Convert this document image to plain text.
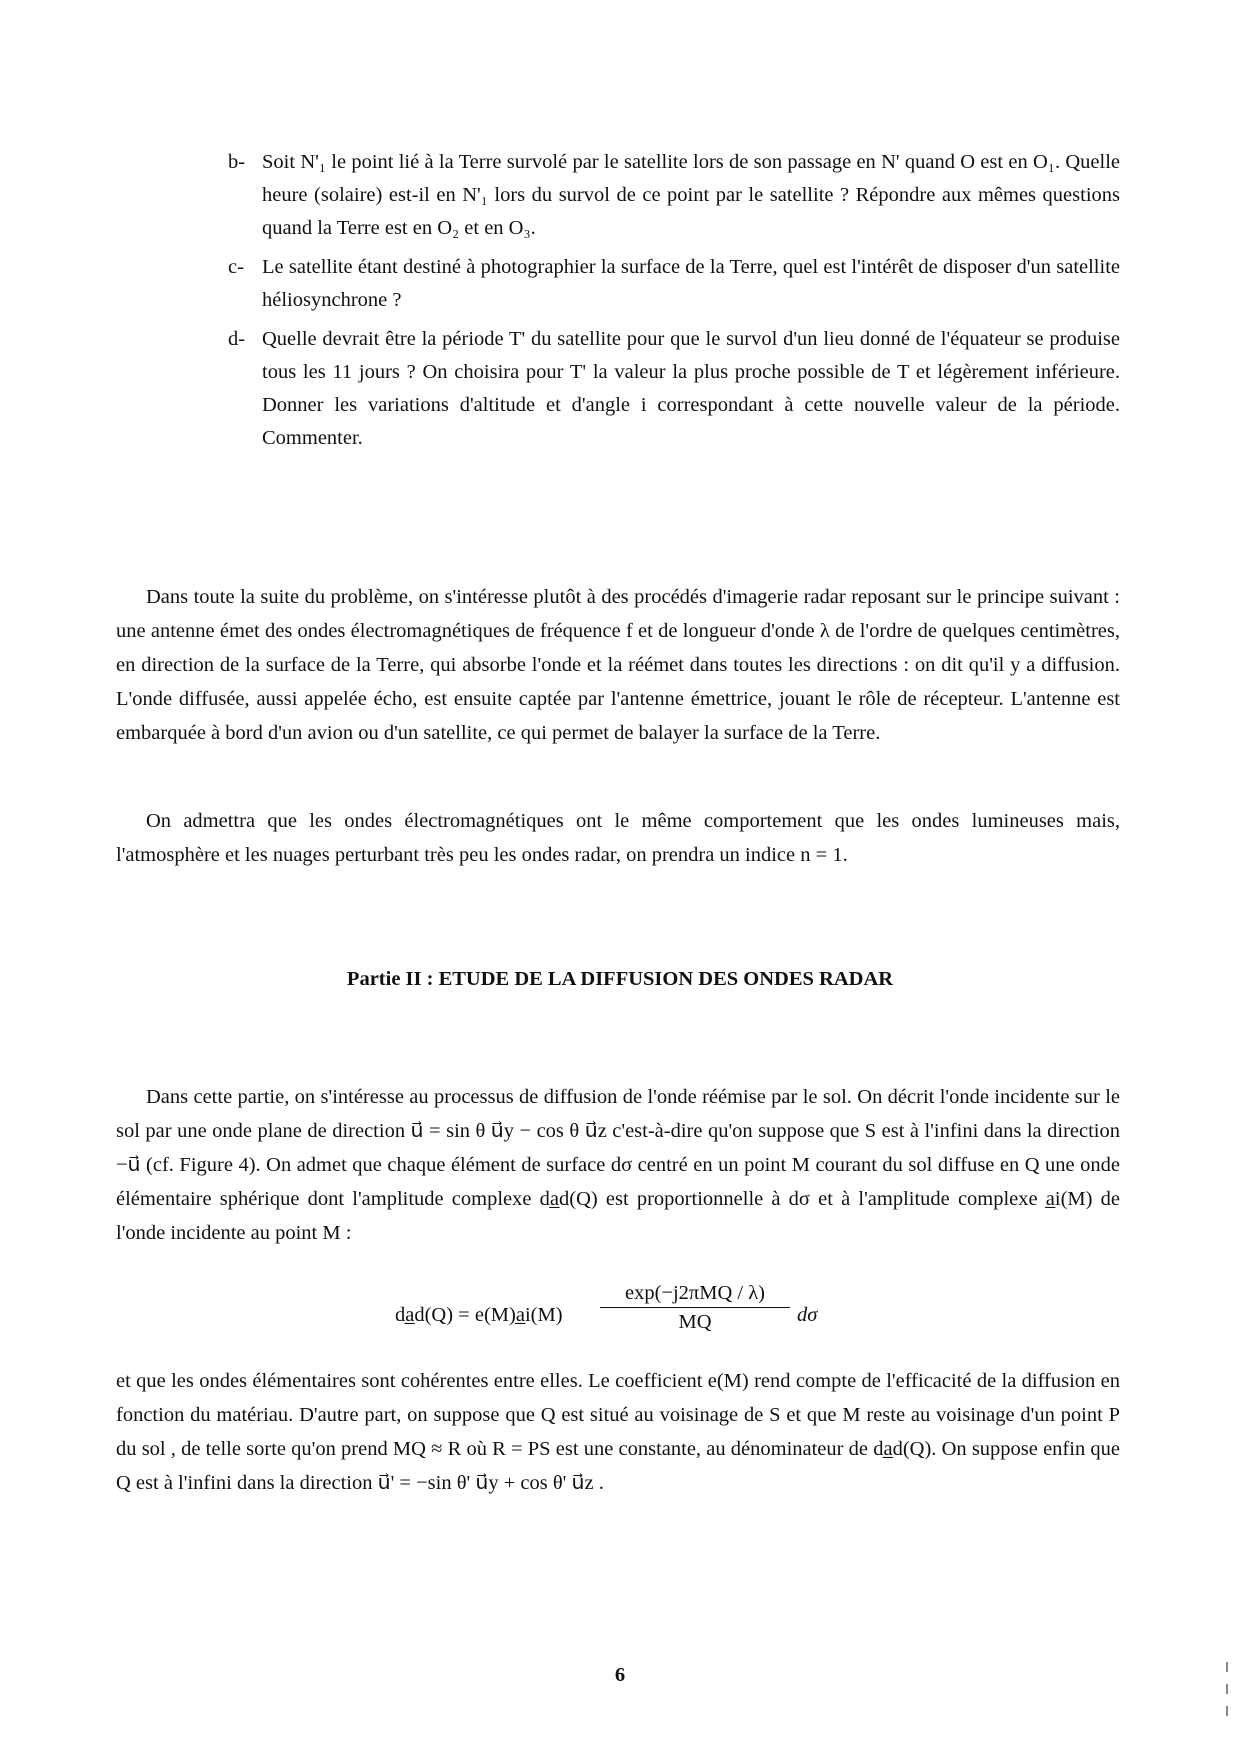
b- Soit N'₁ le point lié à la Terre survolé par le satellite lors de son passage en N' quand O est en O₁. Quelle heure (solaire) est-il en N'₁ lors du survol de ce point par le satellite ? Répondre aux mêmes questions quand la Terre est en O₂ et en O₃.

c- Le satellite étant destiné à photographier la surface de la Terre, quel est l'intérêt de disposer d'un satellite héliosynchrone ?

d- Quelle devrait être la période T' du satellite pour que le survol d'un lieu donné de l'équateur se produise tous les 11 jours ? On choisira pour T' la valeur la plus proche possible de T et légèrement inférieure. Donner les variations d'altitude et d'angle i correspondant à cette nouvelle valeur de la période. Commenter.

Dans toute la suite du problème, on s'intéresse plutôt à des procédés d'imagerie radar reposant sur le principe suivant : une antenne émet des ondes électromagnétiques de fréquence f et de longueur d'onde λ de l'ordre de quelques centimètres, en direction de la surface de la Terre, qui absorbe l'onde et la réémet dans toutes les directions : on dit qu'il y a diffusion. L'onde diffusée, aussi appelée écho, est ensuite captée par l'antenne émettrice, jouant le rôle de récepteur. L'antenne est embarquée à bord d'un avion ou d'un satellite, ce qui permet de balayer la surface de la Terre.

On admettra que les ondes électromagnétiques ont le même comportement que les ondes lumineuses mais, l'atmosphère et les nuages perturbant très peu les ondes radar, on prendra un indice n = 1.

Partie II : ETUDE DE LA DIFFUSION DES ONDES RADAR

Dans cette partie, on s'intéresse au processus de diffusion de l'onde réémise par le sol. On décrit l'onde incidente sur le sol par une onde plane de direction u⃗ = sin θ u⃗y − cos θ u⃗z c'est-à-dire qu'on suppose que S est à l'infini dans la direction −u⃗ (cf. Figure 4). On admet que chaque élément de surface dσ centré en un point M courant du sol diffuse en Q une onde élémentaire sphérique dont l'amplitude complexe da̲d(Q) est proportionnelle à dσ et à l'amplitude complexe a̲i(M) de l'onde incidente au point M :

da̲d(Q) = e(M)a̲i(M)
exp(−j2πMQ / λ)
MQ	dσ

et que les ondes élémentaires sont cohérentes entre elles. Le coefficient e(M) rend compte de l'efficacité de la diffusion en fonction du matériau. D'autre part, on suppose que Q est situé au voisinage de S et que M reste au voisinage d'un point P du sol , de telle sorte qu'on prend MQ ≈ R où R = PS est une constante, au dénominateur de da̲d(Q). On suppose enfin que Q est à l'infini dans la direction u⃗' = −sin θ' u⃗y + cos θ' u⃗z .

6
